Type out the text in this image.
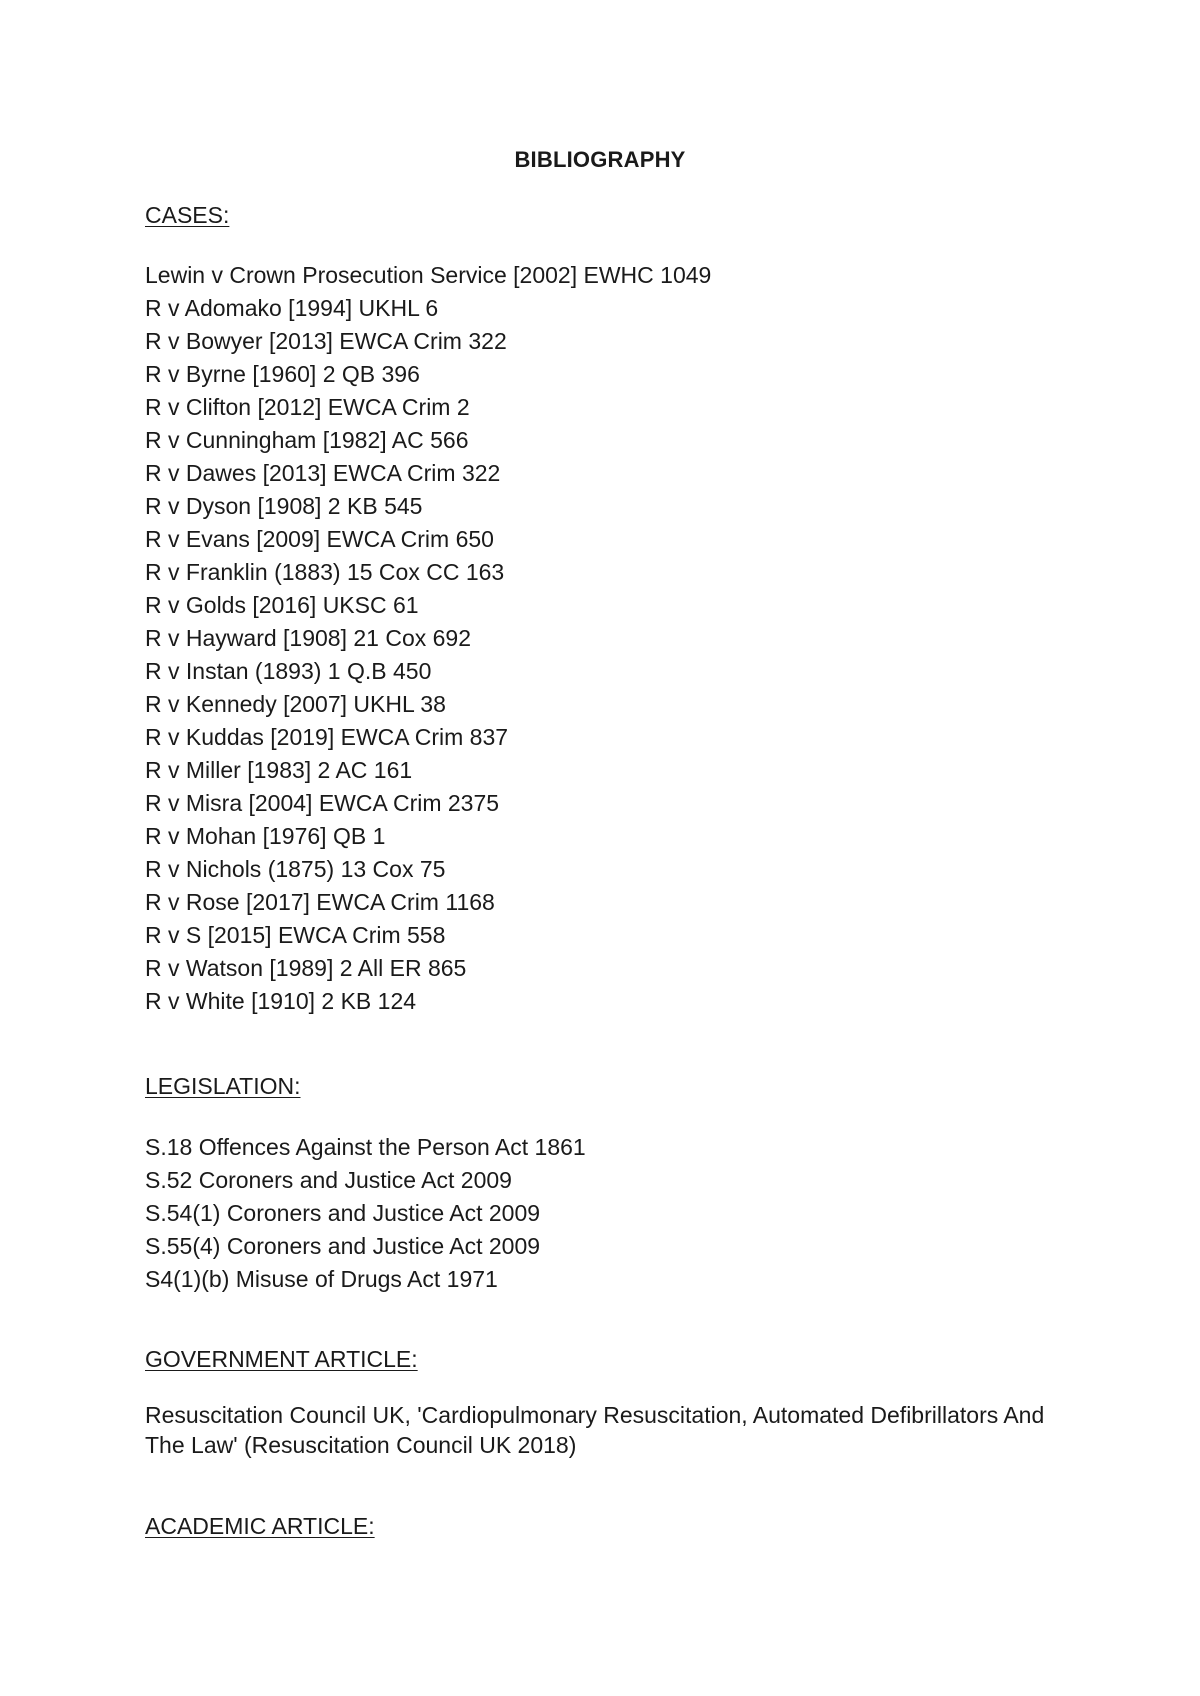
BIBLIOGRAPHY
CASES:
Lewin v Crown Prosecution Service [2002] EWHC 1049
R v Adomako [1994] UKHL 6
R v Bowyer [2013] EWCA Crim 322
R v Byrne [1960] 2 QB 396
R v Clifton [2012] EWCA Crim 2
R v Cunningham [1982] AC 566
R v Dawes [2013] EWCA Crim 322
R v Dyson [1908] 2 KB 545
R v Evans [2009] EWCA Crim 650
R v Franklin (1883) 15 Cox CC 163
R v Golds [2016] UKSC 61
R v Hayward [1908] 21 Cox 692
R v Instan (1893) 1 Q.B 450
R v Kennedy [2007] UKHL 38
R v Kuddas [2019] EWCA Crim 837
R v Miller [1983] 2 AC 161
R v Misra [2004] EWCA Crim 2375
R v Mohan [1976] QB 1
R v Nichols (1875) 13 Cox 75
R v Rose [2017] EWCA Crim 1168
R v S [2015] EWCA Crim 558
R v Watson [1989] 2 All ER 865
R v White [1910] 2 KB 124
LEGISLATION:
S.18 Offences Against the Person Act 1861
S.52 Coroners and Justice Act 2009
S.54(1) Coroners and Justice Act 2009
S.55(4) Coroners and Justice Act 2009
S4(1)(b) Misuse of Drugs Act 1971
GOVERNMENT ARTICLE:

Resuscitation Council UK, 'Cardiopulmonary Resuscitation, Automated Defibrillators And The Law' (Resuscitation Council UK 2018)

ACADEMIC ARTICLE:
